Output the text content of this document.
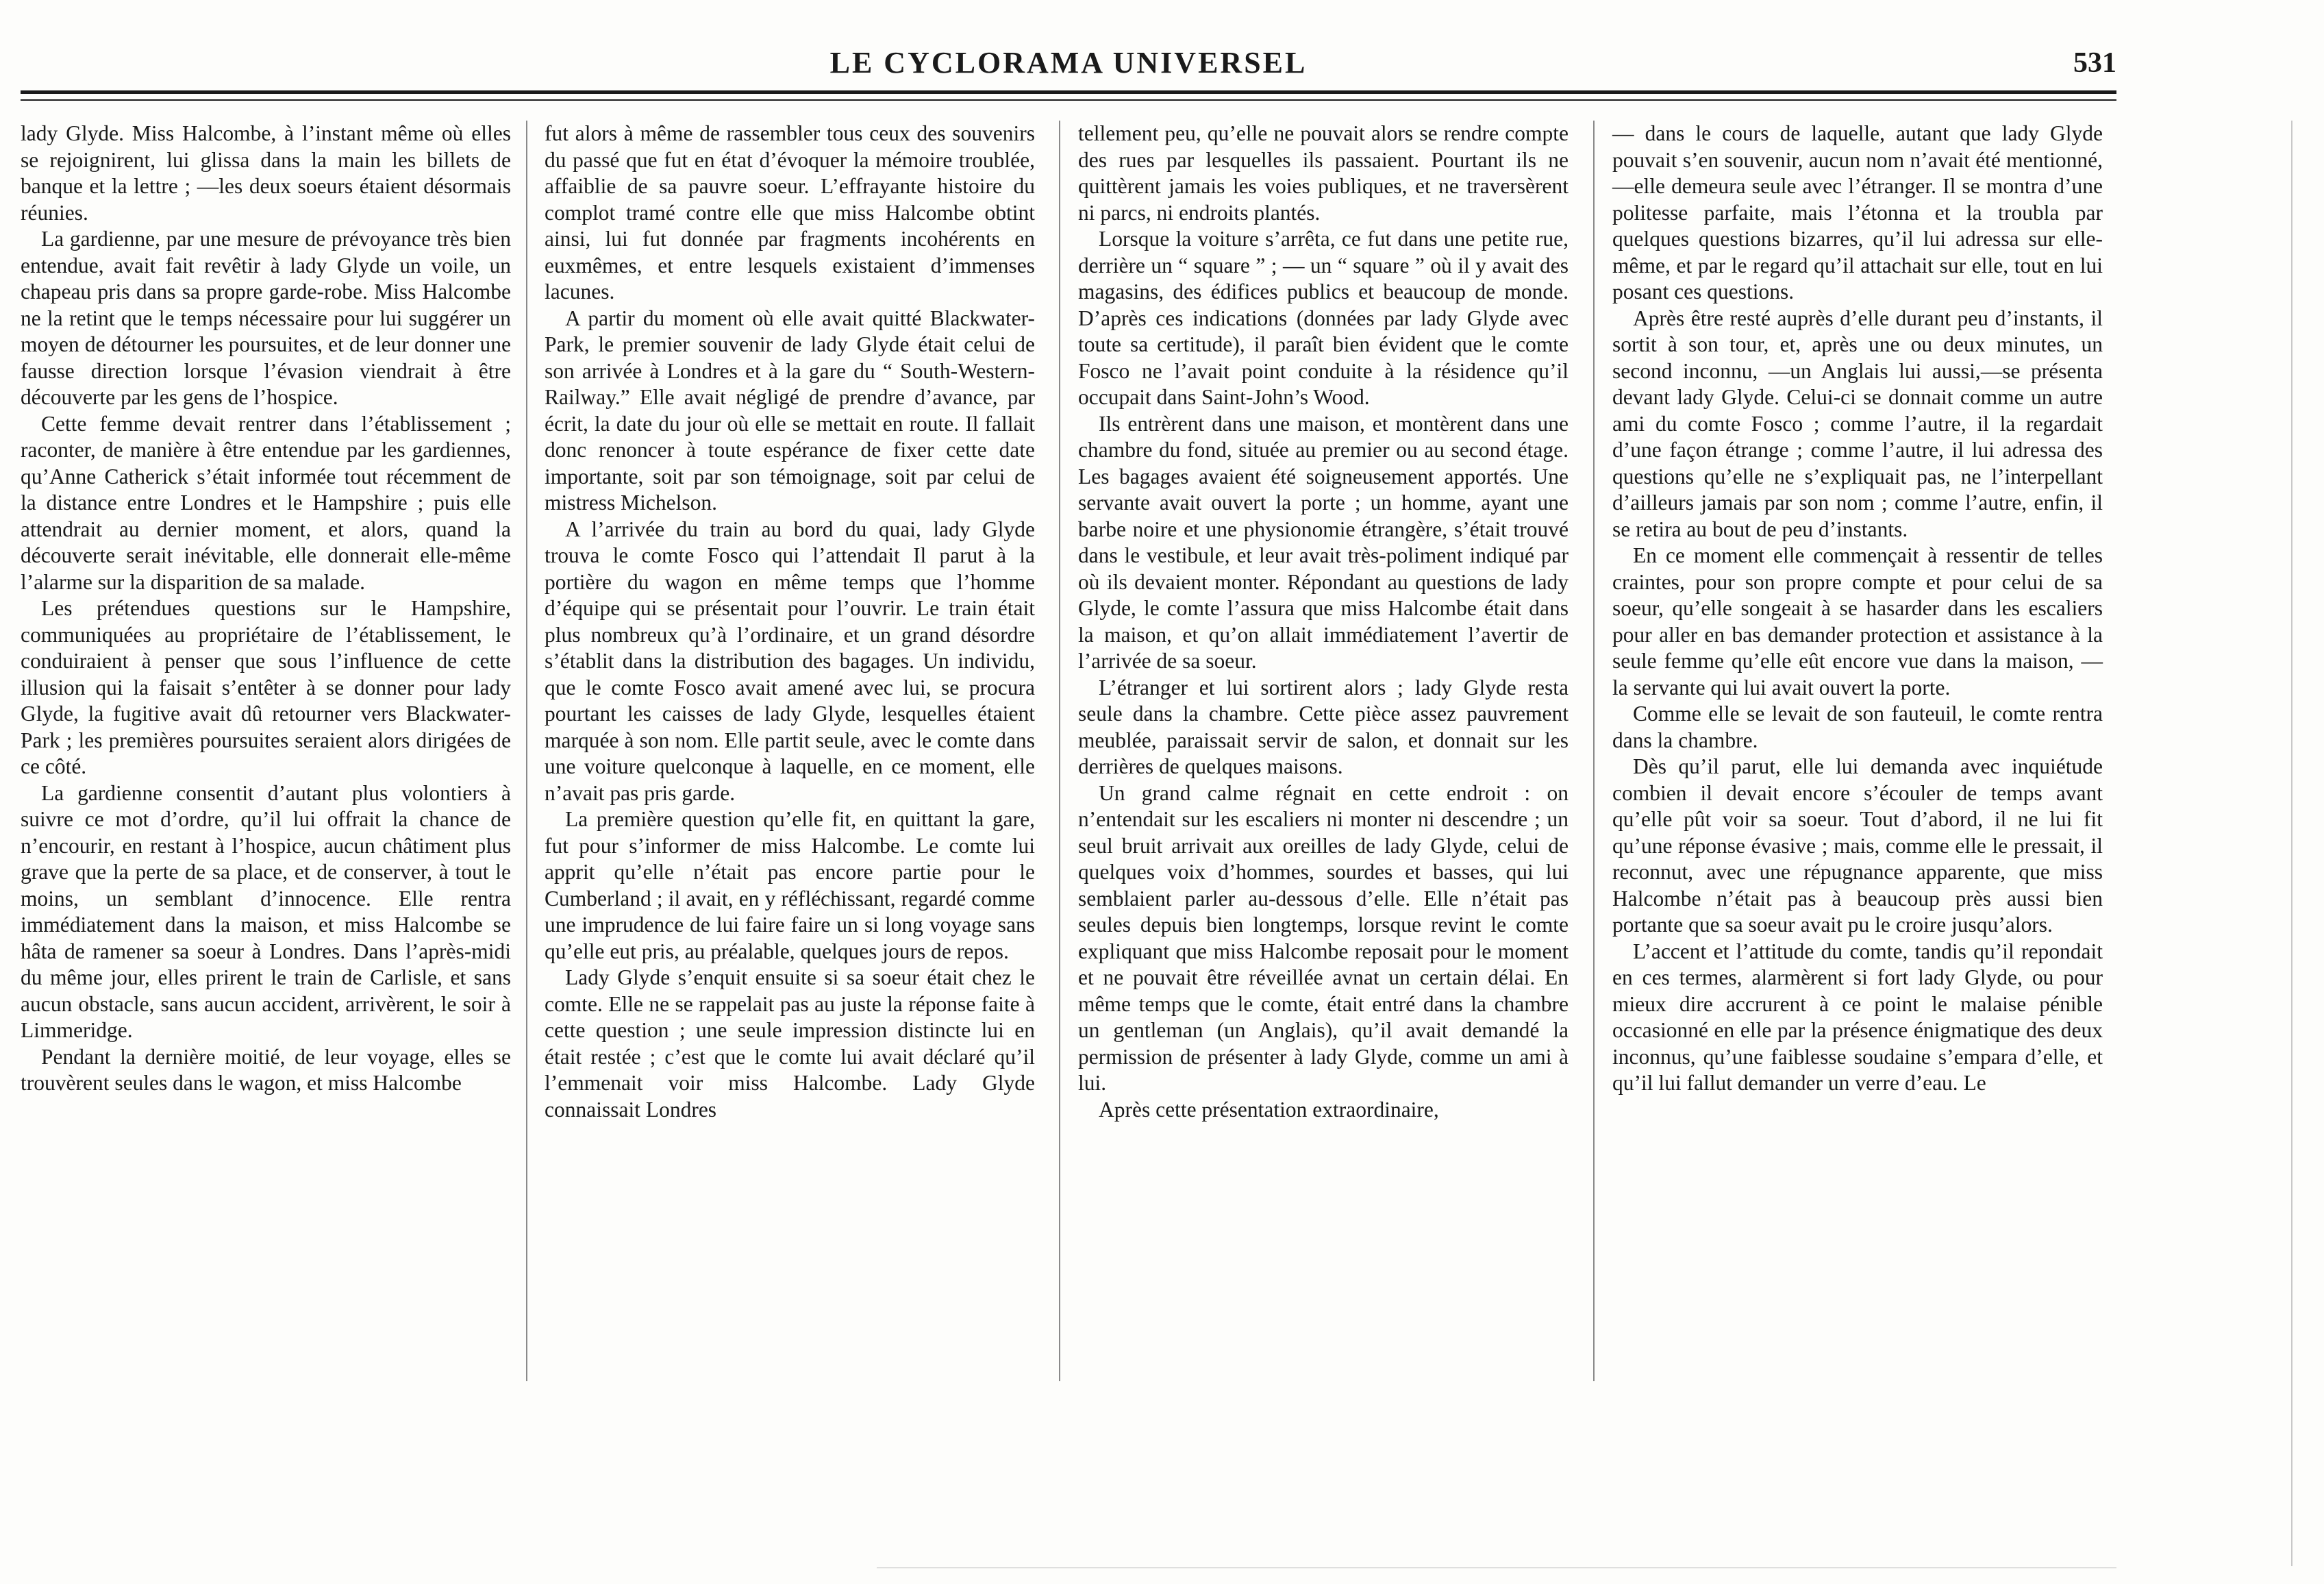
LE CYCLORAMA UNIVERSEL	531

lady Glyde. Miss Halcombe, à l’instant même où elles se rejoignirent, lui glissa dans la main les billets de banque et la lettre ; —les deux soeurs étaient désormais réunies.

La gardienne, par une mesure de prévoyance très bien entendue, avait fait revêtir à lady Glyde un voile, un chapeau pris dans sa propre garde-robe. Miss Halcombe ne la retint que le temps nécessaire pour lui suggérer un moyen de détourner les poursuites, et de leur donner une fausse direction lorsque l’évasion viendrait à être découverte par les gens de l’hospice.

Cette femme devait rentrer dans l’établissement ; raconter, de manière à être entendue par les gardiennes, qu’Anne Catherick s’était informée tout récemment de la distance entre Londres et le Hampshire ; puis elle attendrait au dernier moment, et alors, quand la découverte serait inévitable, elle donnerait elle-même l’alarme sur la disparition de sa malade.

Les prétendues questions sur le Hampshire, communiquées au propriétaire de l’établissement, le conduiraient à penser que sous l’influence de cette illusion qui la faisait s’entêter à se donner pour lady Glyde, la fugitive avait dû retourner vers Blackwater-Park ; les premières poursuites seraient alors dirigées de ce côté.

La gardienne consentit d’autant plus volontiers à suivre ce mot d’ordre, qu’il lui offrait la chance de n’encourir, en restant à l’hospice, aucun châtiment plus grave que la perte de sa place, et de conserver, à tout le moins, un semblant d’innocence. Elle rentra immédiatement dans la maison, et miss Halcombe se hâta de ramener sa soeur à Londres. Dans l’après-midi du même jour, elles prirent le train de Carlisle, et sans aucun obstacle, sans aucun accident, arrivèrent, le soir à Limmeridge.

Pendant la dernière moitié, de leur voyage, elles se trouvèrent seules dans le wagon, et miss Halcombe

fut alors à même de rassembler tous ceux des souvenirs du passé que fut en état d’évoquer la mémoire troublée, affaiblie de sa pauvre soeur. L’effrayante histoire du complot tramé contre elle que miss Halcombe obtint ainsi, lui fut donnée par fragments incohérents en euxmêmes, et entre lesquels existaient d’immenses lacunes.

A partir du moment où elle avait quitté Blackwater-Park, le premier souvenir de lady Glyde était celui de son arrivée à Londres et à la gare du “ South-Western-Railway.” Elle avait négligé de prendre d’avance, par écrit, la date du jour où elle se mettait en route. Il fallait donc renoncer à toute espérance de fixer cette date importante, soit par son témoignage, soit par celui de mistress Michelson.

A l’arrivée du train au bord du quai, lady Glyde trouva le comte Fosco qui l’attendait Il parut à la portière du wagon en même temps que l’homme d’équipe qui se présentait pour l’ouvrir. Le train était plus nombreux qu’à l’ordinaire, et un grand désordre s’établit dans la distribution des bagages. Un individu, que le comte Fosco avait amené avec lui, se procura pourtant les caisses de lady Glyde, lesquelles étaient marquée à son nom. Elle partit seule, avec le comte dans une voiture quelconque à laquelle, en ce moment, elle n’avait pas pris garde.

La première question qu’elle fit, en quittant la gare, fut pour s’informer de miss Halcombe. Le comte lui apprit qu’elle n’était pas encore partie pour le Cumberland ; il avait, en y réfléchissant, regardé comme une imprudence de lui faire faire un si long voyage sans qu’elle eut pris, au préalable, quelques jours de repos.

Lady Glyde s’enquit ensuite si sa soeur était chez le comte. Elle ne se rappelait pas au juste la réponse faite à cette question ; une seule impression distincte lui en était restée ; c’est que le comte lui avait déclaré qu’il l’emmenait voir miss Halcombe. Lady Glyde connaissait Londres

tellement peu, qu’elle ne pouvait alors se rendre compte des rues par lesquelles ils passaient. Pourtant ils ne quittèrent jamais les voies publiques, et ne traversèrent ni parcs, ni endroits plantés.

Lorsque la voiture s’arrêta, ce fut dans une petite rue, derrière un “ square ” ; — un “ square ” où il y avait des magasins, des édifices publics et beaucoup de monde. D’après ces indications (données par lady Glyde avec toute sa certitude), il paraît bien évident que le comte Fosco ne l’avait point conduite à la résidence qu’il occupait dans Saint-John’s Wood.

Ils entrèrent dans une maison, et montèrent dans une chambre du fond, située au premier ou au second étage. Les bagages avaient été soigneusement apportés. Une servante avait ouvert la porte ; un homme, ayant une barbe noire et une physionomie étrangère, s’était trouvé dans le vestibule, et leur avait très-poliment indiqué par où ils devaient monter. Répondant au questions de lady Glyde, le comte l’assura que miss Halcombe était dans la maison, et qu’on allait immédiatement l’avertir de l’arrivée de sa soeur.

L’étranger et lui sortirent alors ; lady Glyde resta seule dans la chambre. Cette pièce assez pauvrement meublée, paraissait servir de salon, et donnait sur les derrières de quelques maisons.

Un grand calme régnait en cette endroit : on n’entendait sur les escaliers ni monter ni descendre ; un seul bruit arrivait aux oreilles de lady Glyde, celui de quelques voix d’hommes, sourdes et basses, qui lui semblaient parler au-dessous d’elle. Elle n’était pas seules depuis bien longtemps, lorsque revint le comte expliquant que miss Halcombe reposait pour le moment et ne pouvait être réveillée avnat un certain délai. En même temps que le comte, était entré dans la chambre un gentleman (un Anglais), qu’il avait demandé la permission de présenter à lady Glyde, comme un ami à lui.

Après cette présentation extraordinaire,

— dans le cours de laquelle, autant que lady Glyde pouvait s’en souvenir, aucun nom n’avait été mentionné, —elle demeura seule avec l’étranger. Il se montra d’une politesse parfaite, mais l’étonna et la troubla par quelques questions bizarres, qu’il lui adressa sur elle-même, et par le regard qu’il attachait sur elle, tout en lui posant ces questions.

Après être resté auprès d’elle durant peu d’instants, il sortit à son tour, et, après une ou deux minutes, un second inconnu, —un Anglais lui aussi,—se présenta devant lady Glyde. Celui-ci se donnait comme un autre ami du comte Fosco ; comme l’autre, il la regardait d’une façon étrange ; comme l’autre, il lui adressa des questions qu’elle ne s’expliquait pas, ne l’interpellant d’ailleurs jamais par son nom ; comme l’autre, enfin, il se retira au bout de peu d’instants.

En ce moment elle commençait à ressentir de telles craintes, pour son propre compte et pour celui de sa soeur, qu’elle songeait à se hasarder dans les escaliers pour aller en bas demander protection et assistance à la seule femme qu’elle eût encore vue dans la maison, — la servante qui lui avait ouvert la porte.

Comme elle se levait de son fauteuil, le comte rentra dans la chambre.

Dès qu’il parut, elle lui demanda avec inquiétude combien il devait encore s’écouler de temps avant qu’elle pût voir sa soeur. Tout d’abord, il ne lui fit qu’une réponse évasive ; mais, comme elle le pressait, il reconnut, avec une répugnance apparente, que miss Halcombe n’était pas à beaucoup près aussi bien portante que sa soeur avait pu le croire jusqu’alors.

L’accent et l’attitude du comte, tandis qu’il repondait en ces termes, alarmèrent si fort lady Glyde, ou pour mieux dire accrurent à ce point le malaise pénible occasionné en elle par la présence énigmatique des deux inconnus, qu’une faiblesse soudaine s’empara d’elle, et qu’il lui fallut demander un verre d’eau. Le
